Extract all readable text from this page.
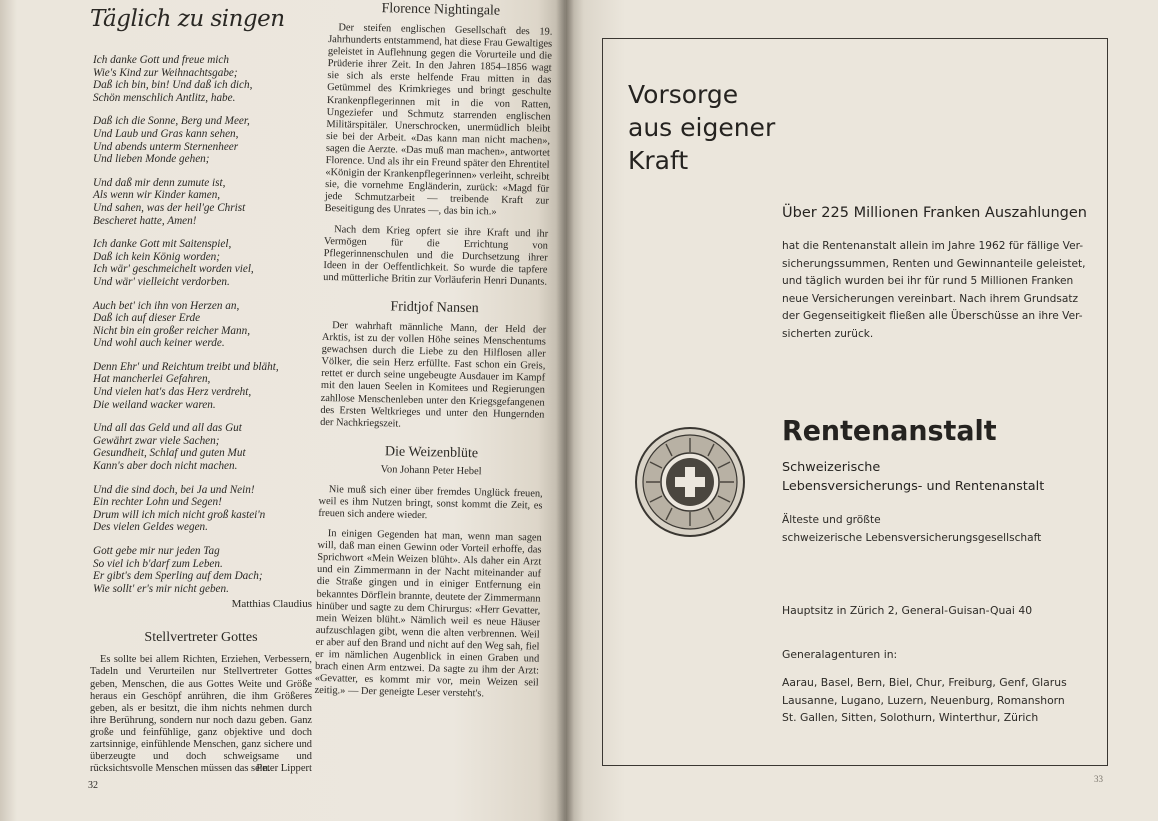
Täglich zu singen
Ich danke Gott und freue mich
Wie's Kind zur Weihnachtsgabe;
Daß ich bin, bin! Und daß ich dich,
Schön menschlich Antlitz, habe.
Daß ich die Sonne, Berg und Meer,
Und Laub und Gras kann sehen,
Und abends unterm Sternenheer
Und lieben Monde gehen;
Und daß mir denn zumute ist,
Als wenn wir Kinder kamen,
Und sahen, was der heil'ge Christ
Bescheret hatte, Amen!
Ich danke Gott mit Saitenspiel,
Daß ich kein König worden;
Ich wär' geschmeichelt worden viel,
Und wär' vielleicht verdorben.
Auch bet' ich ihn von Herzen an,
Daß ich auf dieser Erde
Nicht bin ein großer reicher Mann,
Und wohl auch keiner werde.
Denn Ehr' und Reichtum treibt und bläht,
Hat mancherlei Gefahren,
Und vielen hat's das Herz verdreht,
Die weiland wacker waren.
Und all das Geld und all das Gut
Gewährt zwar viele Sachen;
Gesundheit, Schlaf und guten Mut
Kann's aber doch nicht machen.
Und die sind doch, bei Ja und Nein!
Ein rechter Lohn und Segen!
Drum will ich mich nicht groß kastei'n
Des vielen Geldes wegen.
Gott gebe mir nur jeden Tag
So viel ich b'darf zum Leben.
Er gibt's dem Sperling auf dem Dach;
Wie sollt' er's mir nicht geben.
Matthias Claudius
Stellvertreter Gottes

Es sollte bei allem Richten, Erziehen, Verbessern, Tadeln und Verurteilen nur Stellvertreter Gottes geben, Menschen, die aus Gottes Weite und Größe heraus ein Geschöpf anrühren, die ihm Größeres geben, als er besitzt, die ihm nichts nehmen durch ihre Berührung, sondern nur noch dazu geben. Ganz große und feinfühlige, ganz objektive und doch zartsinnige, einfühlende Menschen, ganz sichere und überzeugte und doch schweigsame und rücksichtsvolle Menschen müssen das sein.

Peter Lippert
Florence Nightingale

Der steifen englischen Gesellschaft des 19. Jahrhunderts entstammend, hat diese Frau Gewaltiges geleistet in Auflehnung gegen die Vorurteile und die Prüderie ihrer Zeit. In den Jahren 1854–1856 wagt sie sich als erste helfende Frau mitten in das Getümmel des Krimkrieges und bringt geschulte Krankenpflegerinnen mit in die von Ratten, Ungeziefer und Schmutz starrenden englischen Militärspitäler. Unerschrocken, unermüdlich bleibt sie bei der Arbeit. «Das kann man nicht machen», sagen die Aerzte. «Das muß man machen», antwortet Florence. Und als ihr ein Freund später den Ehrentitel «Königin der Krankenpflegerinnen» verleiht, schreibt sie, die vornehme Engländerin, zurück: «Magd für jede Schmutzarbeit — treibende Kraft zur Beseitigung des Unrates —, das bin ich.»

Nach dem Krieg opfert sie ihre Kraft und ihr Vermögen für die Errichtung von Pflegerinnenschulen und die Durchsetzung ihrer Ideen in der Oeffentlichkeit. So wurde die tapfere und mütterliche Britin zur Vorläuferin Henri Dunants.

Fridtjof Nansen

Der wahrhaft männliche Mann, der Held der Arktis, ist zu der vollen Höhe seines Menschentums gewachsen durch die Liebe zu den Hilflosen aller Völker, die sein Herz erfüllte. Fast schon ein Greis, rettet er durch seine ungebeugte Ausdauer im Kampf mit den lauen Seelen in Komitees und Regierungen zahllose Menschenleben unter den Kriegsgefangenen des Ersten Weltkrieges und unter den Hungernden der Nachkriegszeit.

Die Weizenblüte
Von Johann Peter Hebel

Nie muß sich einer über fremdes Unglück freuen, weil es ihm Nutzen bringt, sonst kommt die Zeit, es freuen sich andere wieder.

In einigen Gegenden hat man, wenn man sagen will, daß man einen Gewinn oder Vorteil erhoffe, das Sprichwort «Mein Weizen blüht». Als daher ein Arzt und ein Zimmermann in der Nacht miteinander auf die Straße gingen und in einiger Entfernung ein bekanntes Dörflein brannte, deutete der Zimmermann hinüber und sagte zu dem Chirurgus: «Herr Gevatter, mein Weizen blüht.» Nämlich weil es neue Häuser aufzuschlagen gibt, wenn die alten verbrennen. Weil er aber auf den Brand und nicht auf den Weg sah, fiel er im nämlichen Augenblick in einen Graben und brach einen Arm entzwei. Da sagte zu ihm der Arzt: «Gevatter, es kommt mir vor, mein Weizen seil zeitig.» — Der geneigte Leser versteht's.

32
Vorsorge
aus eigener
Kraft
Über 225 Millionen Franken Auszahlungen
hat die Rentenanstalt allein im Jahre 1962 für fällige Ver-
sicherungssummen, Renten und Gewinnanteile geleistet,
und täglich wurden bei ihr für rund 5 Millionen Franken
neue Versicherungen vereinbart. Nach ihrem Grundsatz
der Gegenseitigkeit fließen alle Überschüsse an ihre Ver-
sicherten zurück.
Rentenanstalt
Schweizerische
Lebensversicherungs- und Rentenanstalt
Älteste und größte
schweizerische Lebensversicherungsgesellschaft
Hauptsitz in Zürich 2, General-Guisan-Quai 40
Generalagenturen in:
Aarau, Basel, Bern, Biel, Chur, Freiburg, Genf, Glarus
Lausanne, Lugano, Luzern, Neuenburg, Romanshorn
St. Gallen, Sitten, Solothurn, Winterthur, Zürich
33
